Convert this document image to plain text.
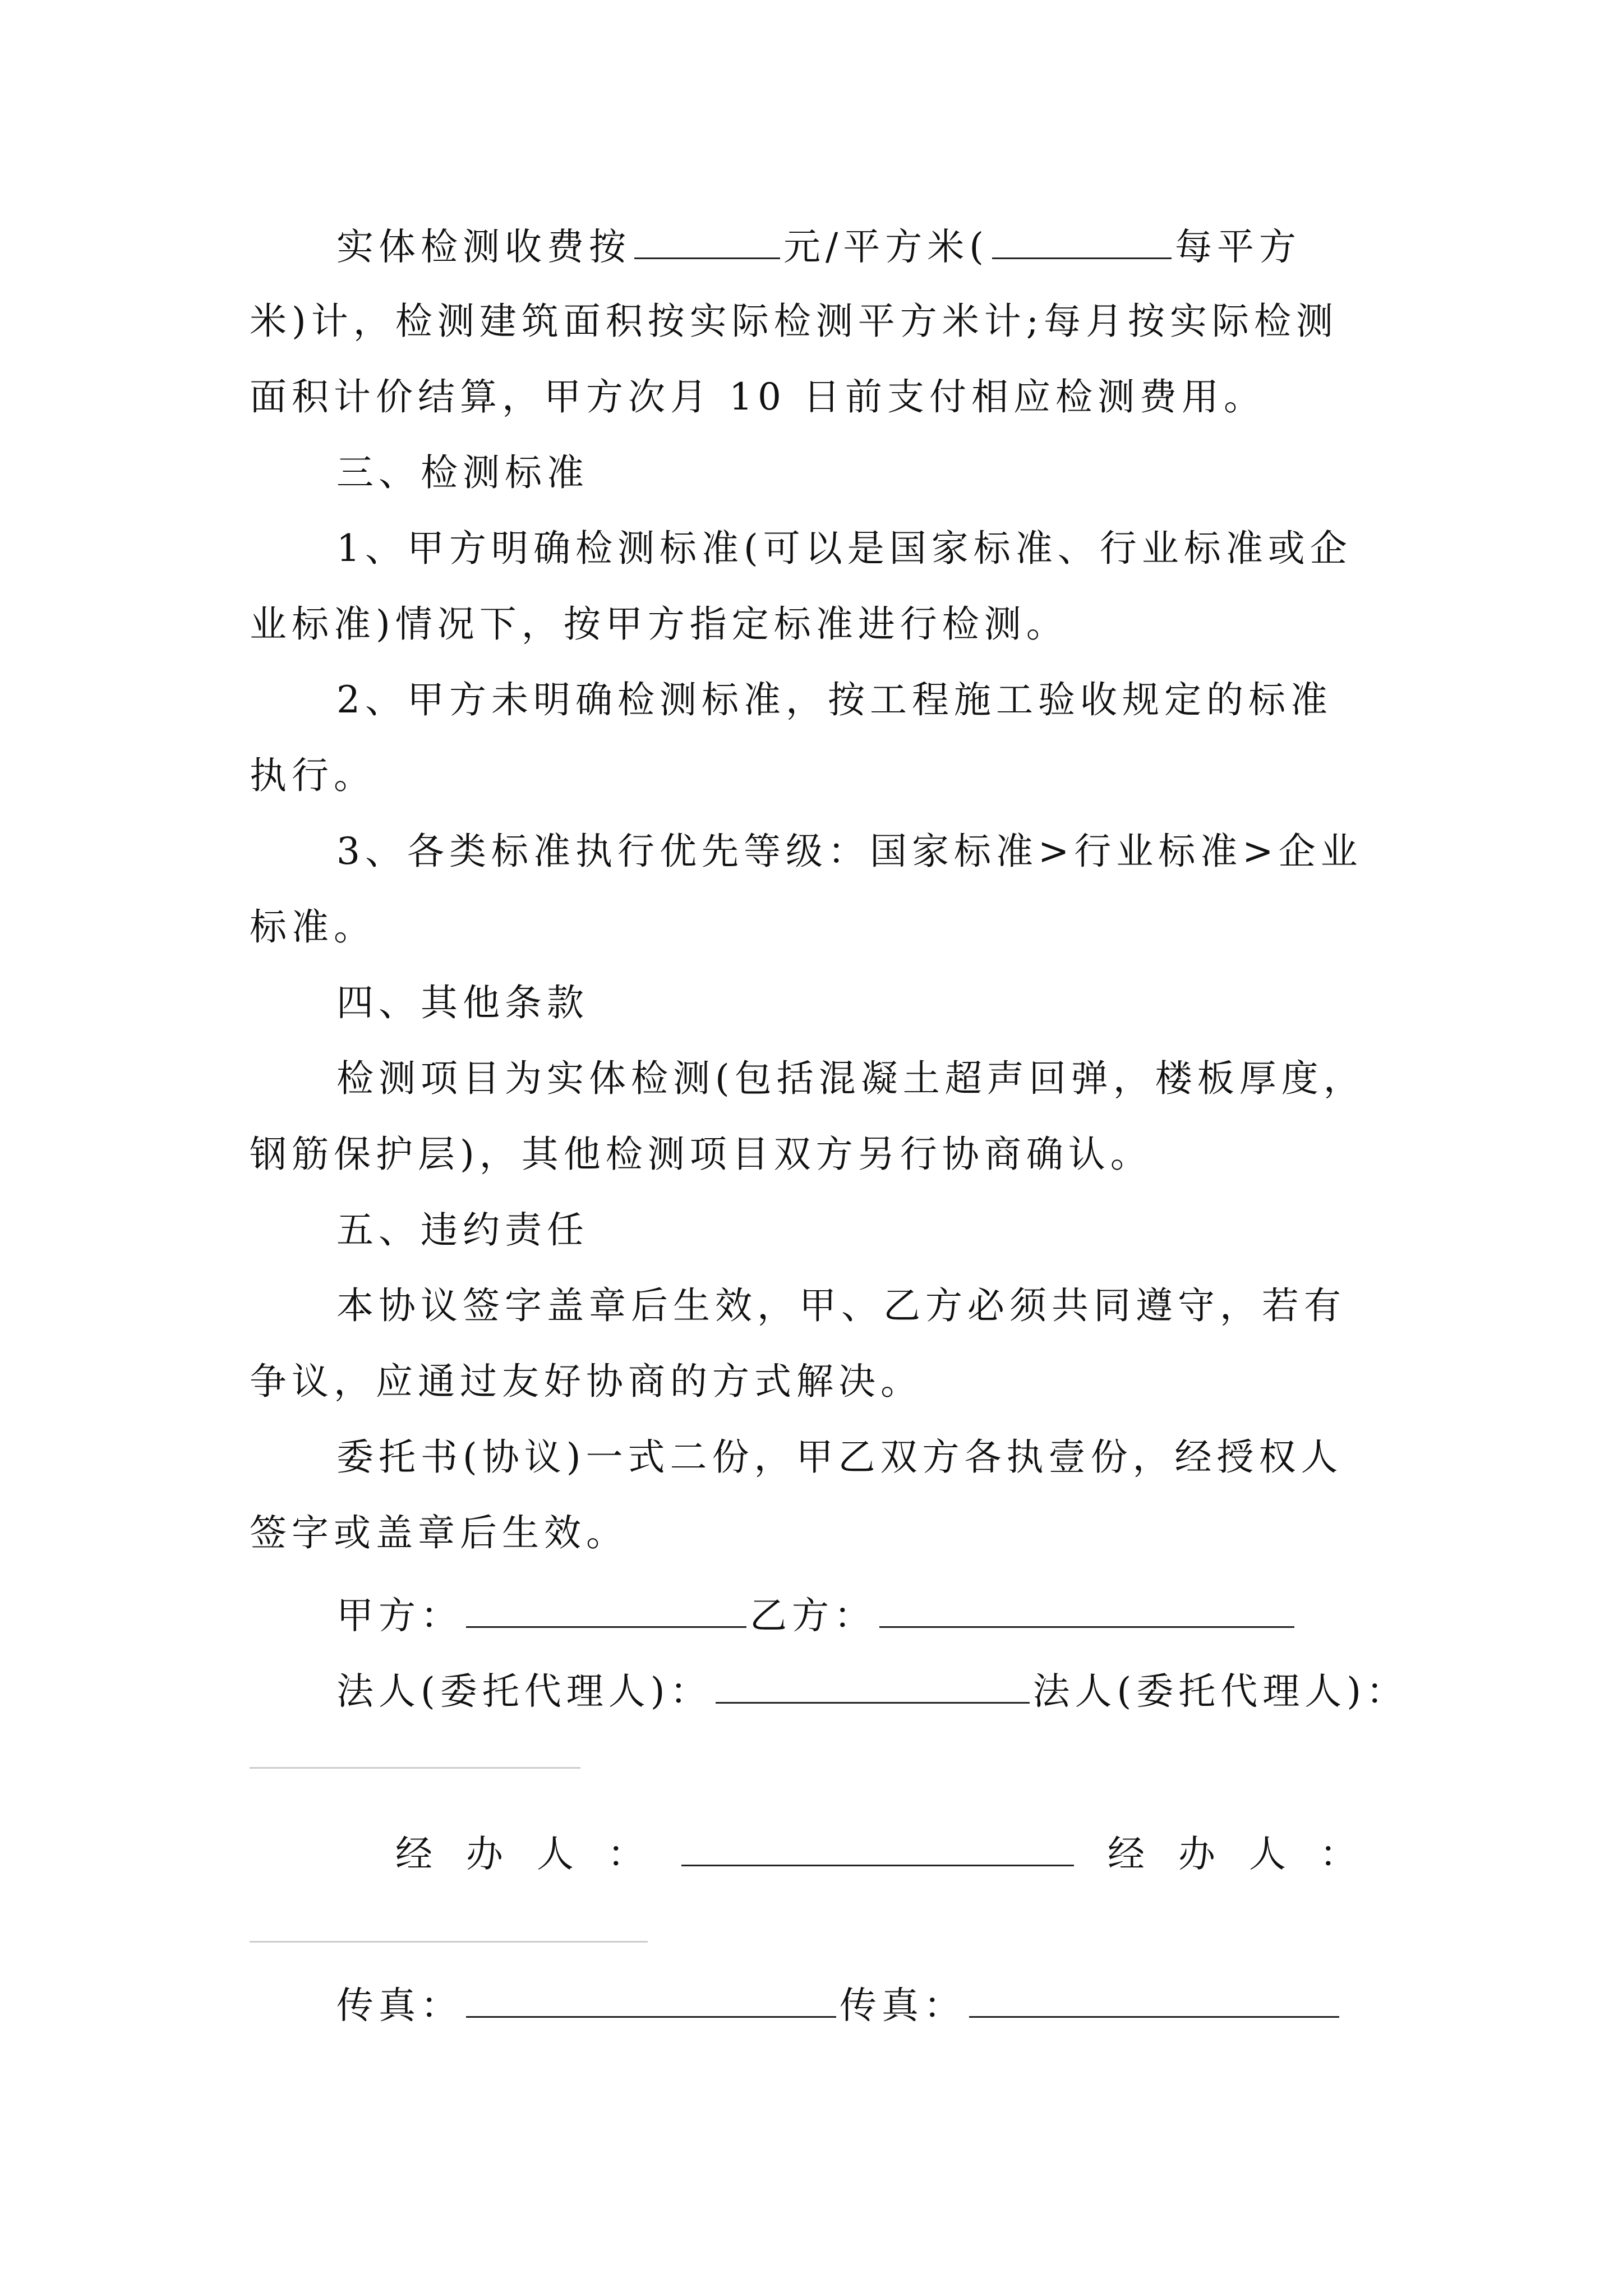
实体检测收费按	元/平方米(	每平方
米)计，检测建筑面积按实际检测平方米计;每月按实际检测
面积计价结算，甲方次月 10 日前支付相应检测费用。
三、检测标准
1、甲方明确检测标准(可以是国家标准、行业标准或企
业标准)情况下，按甲方指定标准进行检测。
2、甲方未明确检测标准，按工程施工验收规定的标准
执行。
3、各类标准执行优先等级：国家标准>行业标准>企业
标准。
四、其他条款
检测项目为实体检测(包括混凝土超声回弹，楼板厚度，
钢筋保护层)，其他检测项目双方另行协商确认。
五、违约责任
本协议签字盖章后生效，甲、乙方必须共同遵守，若有
争议，应通过友好协商的方式解决。
委托书(协议)一式二份，甲乙双方各执壹份，经授权人
签字或盖章后生效。
甲方：	乙方：
法人(委托代理人)：	法人(委托代理人)：
经办人：	经办人：
传真：	传真：
